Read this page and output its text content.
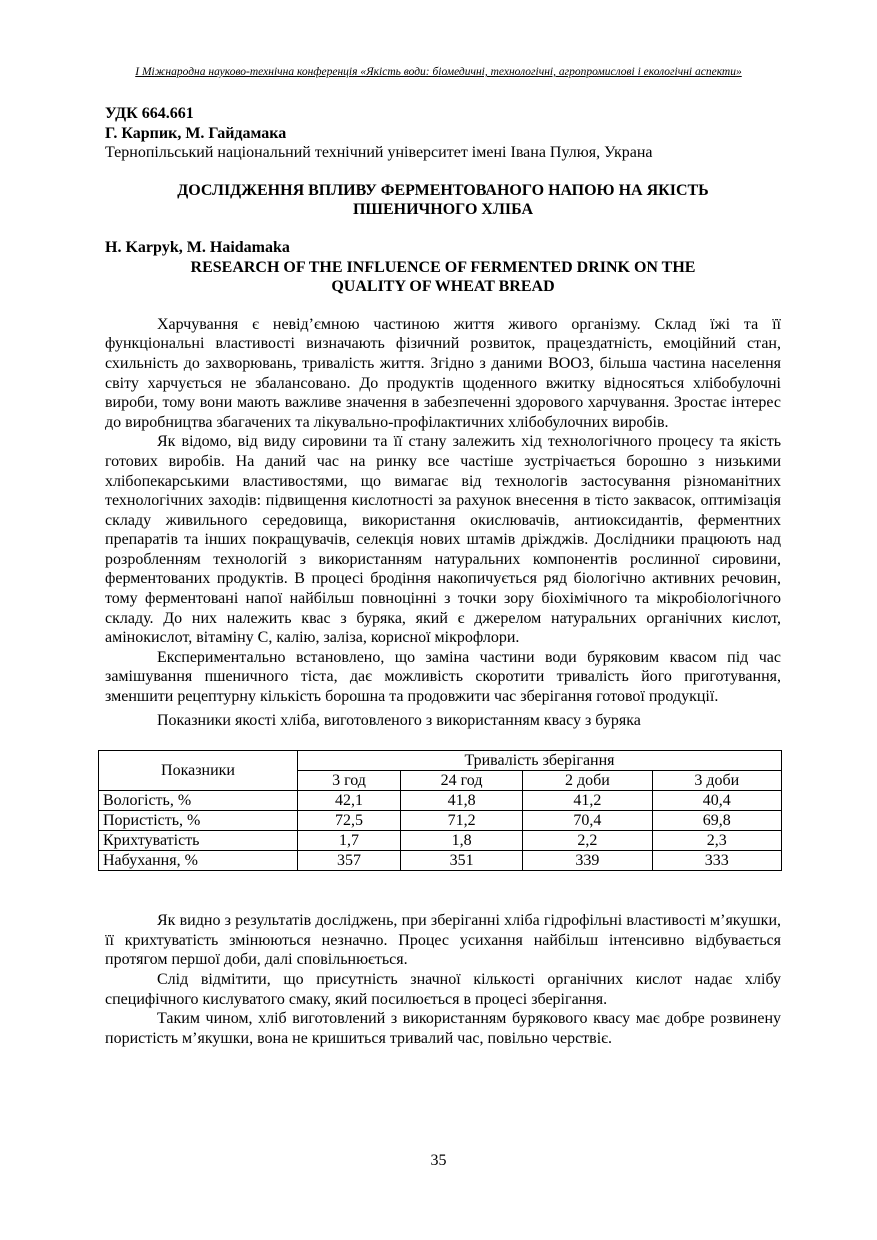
I Міжнародна науково-технічна конференція «Якість води: біомедичні, технологічні, агропромислові і екологічні аспекти»
УДК 664.661
Г. Карпик, М. Гайдамака
Тернопільський національний технічний університет імені Івана Пулюя, Украна
ДОСЛІДЖЕННЯ ВПЛИВУ ФЕРМЕНТОВАНОГО НАПОЮ НА ЯКІСТЬ
ПШЕНИЧНОГО ХЛІБА
H. Karpyk, M. Haidamaka
RESEARCH OF THE INFLUENCE OF FERMENTED DRINK ON THE
QUALITY OF WHEAT BREAD

Харчування є невід’ємною частиною життя живого організму. Склад їжі та її функціональні властивості визначають фізичний розвиток, працездатність, емоційний стан, схильність до захворювань, тривалість життя. Згідно з даними ВООЗ, більша частина населення світу харчується не збалансовано. До продуктів щоденного вжитку відносяться хлібобулочні вироби, тому вони мають важливе значення в забезпеченні здорового харчування. Зростає інтерес до виробництва збагачених та лікувально-профілактичних хлібобулочних виробів.

Як відомо, від виду сировини та її стану залежить хід технологічного процесу та якість готових виробів. На даний час на ринку все частіше зустрічається борошно з низькими хлібопекарськими властивостями, що вимагає від технологів застосування різноманітних технологічних заходів: підвищення кислотності за рахунок внесення в тісто заквасок, оптимізація складу живильного середовища, використання окислювачів, антиоксидантів, ферментних препаратів та інших покращувачів, селекція нових штамів дріжджів. Дослідники працюють над розробленням технологій з використанням натуральних компонентів рослинної сировини, ферментованих продуктів. В процесі бродіння накопичується ряд біологічно активних речовин, тому ферментовані напої найбільш повноцінні з точки зору біохімічного та мікробіологічного складу. До них належить квас з буряка, який є джерелом натуральних органічних кислот, амінокислот, вітаміну С, калію, заліза, корисної мікрофлори.

Експериментально встановлено, що заміна частини води буряковим квасом під час замішування пшеничного тіста, дає можливість скоротити тривалість його приготування, зменшити рецептурну кількість борошна та продовжити час зберігання готової продукції.

Показники якості хліба, виготовленого з використанням квасу з буряка

Показники	Тривалість зберігання			
	3 год	24 год	2 доби	3 доби
Вологість, %	42,1	41,8	41,2	40,4
Пористість, %	72,5	71,2	70,4	69,8
Крихтуватість	1,7	1,8	2,2	2,3
Набухання, %	357	351	339	333

Як видно з результатів досліджень, при зберіганні хліба гідрофільні властивості м’якушки, її крихтуватість змінюються незначно. Процес усихання найбільш інтенсивно відбувається протягом першої доби, далі сповільнюється.

Слід відмітити, що присутність значної кількості органічних кислот надає хлібу специфічного кислуватого смаку, який посилюється в процесі зберігання.

Таким чином, хліб виготовлений з використанням бурякового квасу має добре розвинену пористість м’якушки, вона не кришиться тривалий час, повільно черствіє.

35
